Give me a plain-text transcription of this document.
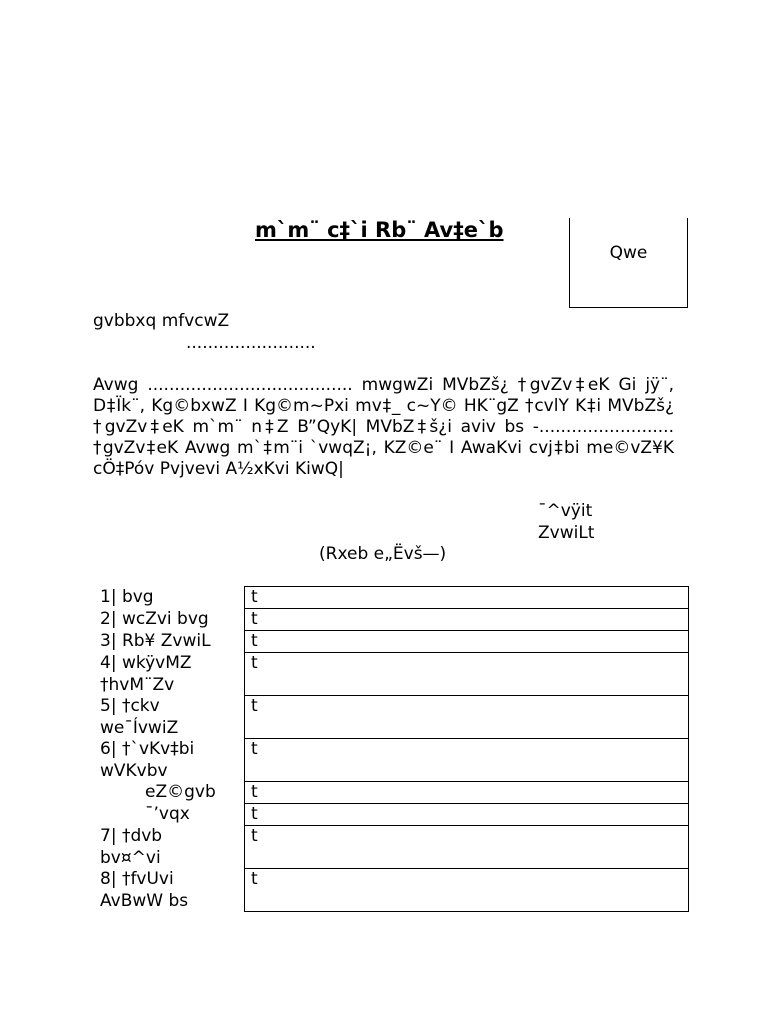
m`m¨ c‡`i Rb¨ Av‡e`b
Qwe
gvbbxq mfvcwZ
........................
Avwg ...................................... mwgwZi MVbZš¿ †gvZv‡eK Gi jÿ¨, D‡Ïk¨, Kg©bxwZ I Kg©m~Pxi mv‡_ c~Y© HK¨gZ †cvlY K‡i MVbZš¿ †gvZv‡eK m`m¨ n‡Z B”QyK| MVbZ‡š¿i aviv bs -......................... †gvZv‡eK Avwg m`‡m¨i `vwqZ¡, KZ©e¨ I AwaKvi cvj‡bi me©vZ¥K cÖ‡Póv Pvjvevi A½xKvi KiwQ|
¯^vÿit
ZvwiLt
(Rxeb e„Ëvš—)
1| bvg
2| wcZvi bvg
3| Rb¥ ZvwiL
4| wkÿvMZ
†hvM¨Zv
5| †ckv
we¯ÍvwiZ
6| †`vKv‡bi
wVKvbv
eZ©gvb
¯’vqx
7| †dvb
bv¤^vi
8| †fvUvi
AvBwW bs
t
t
t
t
t
t
t
t
t
t
